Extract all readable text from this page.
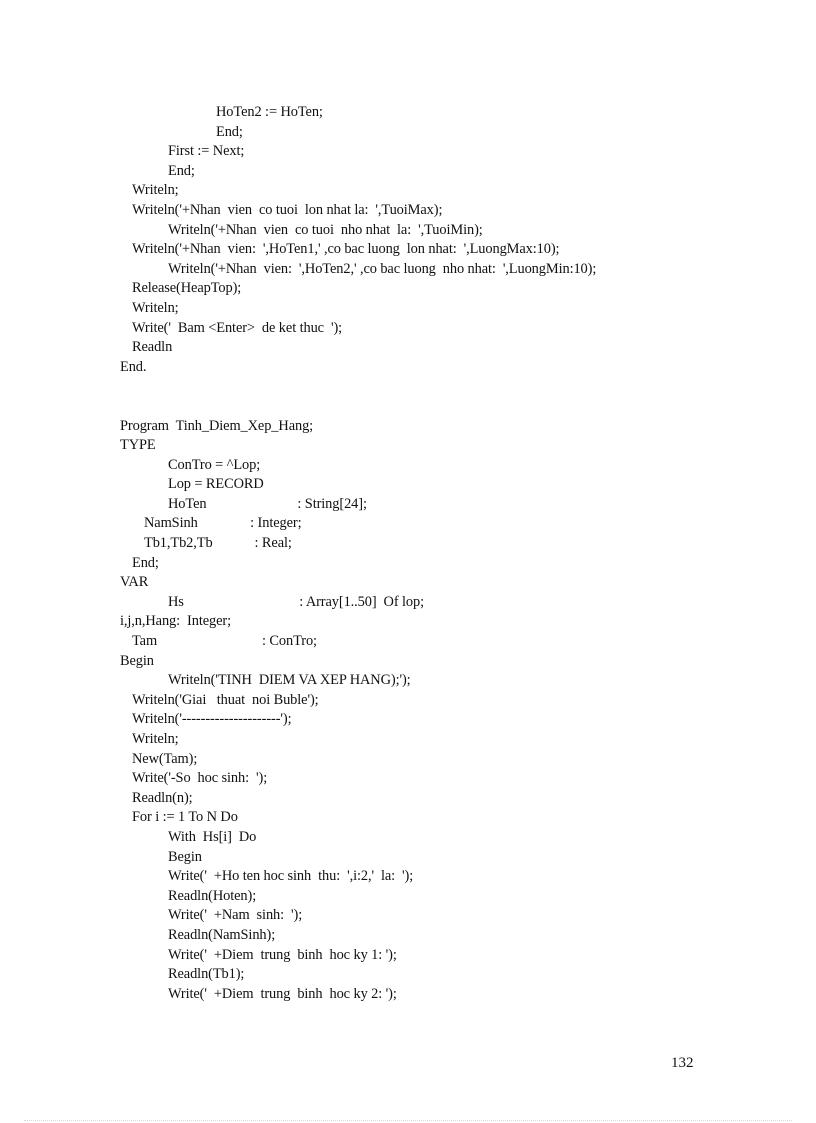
HoTen2 := HoTen;
End;
First := Next;
End;
Writeln;
Writeln('+Nhan  vien  co tuoi  lon nhat la:  ',TuoiMax);
Writeln('+Nhan  vien  co tuoi  nho nhat  la:  ',TuoiMin);
Writeln('+Nhan  vien:  ',HoTen1,' ,co bac luong  lon nhat:  ',LuongMax:10);
Writeln('+Nhan  vien:  ',HoTen2,' ,co bac luong  nho nhat:  ',LuongMin:10);
Release(HeapTop);
Writeln;
Write('  Bam <Enter>  de ket thuc  ');
Readln
End.
Program  Tinh_Diem_Xep_Hang;
TYPE
ConTro = ^Lop;
Lop = RECORD
HoTen                          : String[24];
NamSinh               : Integer;
Tb1,Tb2,Tb            : Real;
End;
VAR
Hs                                 : Array[1..50]  Of lop;
i,j,n,Hang:  Integer;
Tam                              : ConTro;
Begin
Writeln('TINH  DIEM VA XEP HANG);');
Writeln('Giai   thuat  noi Buble');
Writeln('---------------------');
Writeln;
New(Tam);
Write('-So  hoc sinh:  ');
Readln(n);
For i := 1 To N Do
With  Hs[i]  Do
Begin
Write('  +Ho ten hoc sinh  thu:  ',i:2,'  la:  ');
Readln(Hoten);
Write('  +Nam  sinh:  ');
Readln(NamSinh);
Write('  +Diem  trung  binh  hoc ky 1: ');
Readln(Tb1);
Write('  +Diem  trung  binh  hoc ky 2: ');
132
